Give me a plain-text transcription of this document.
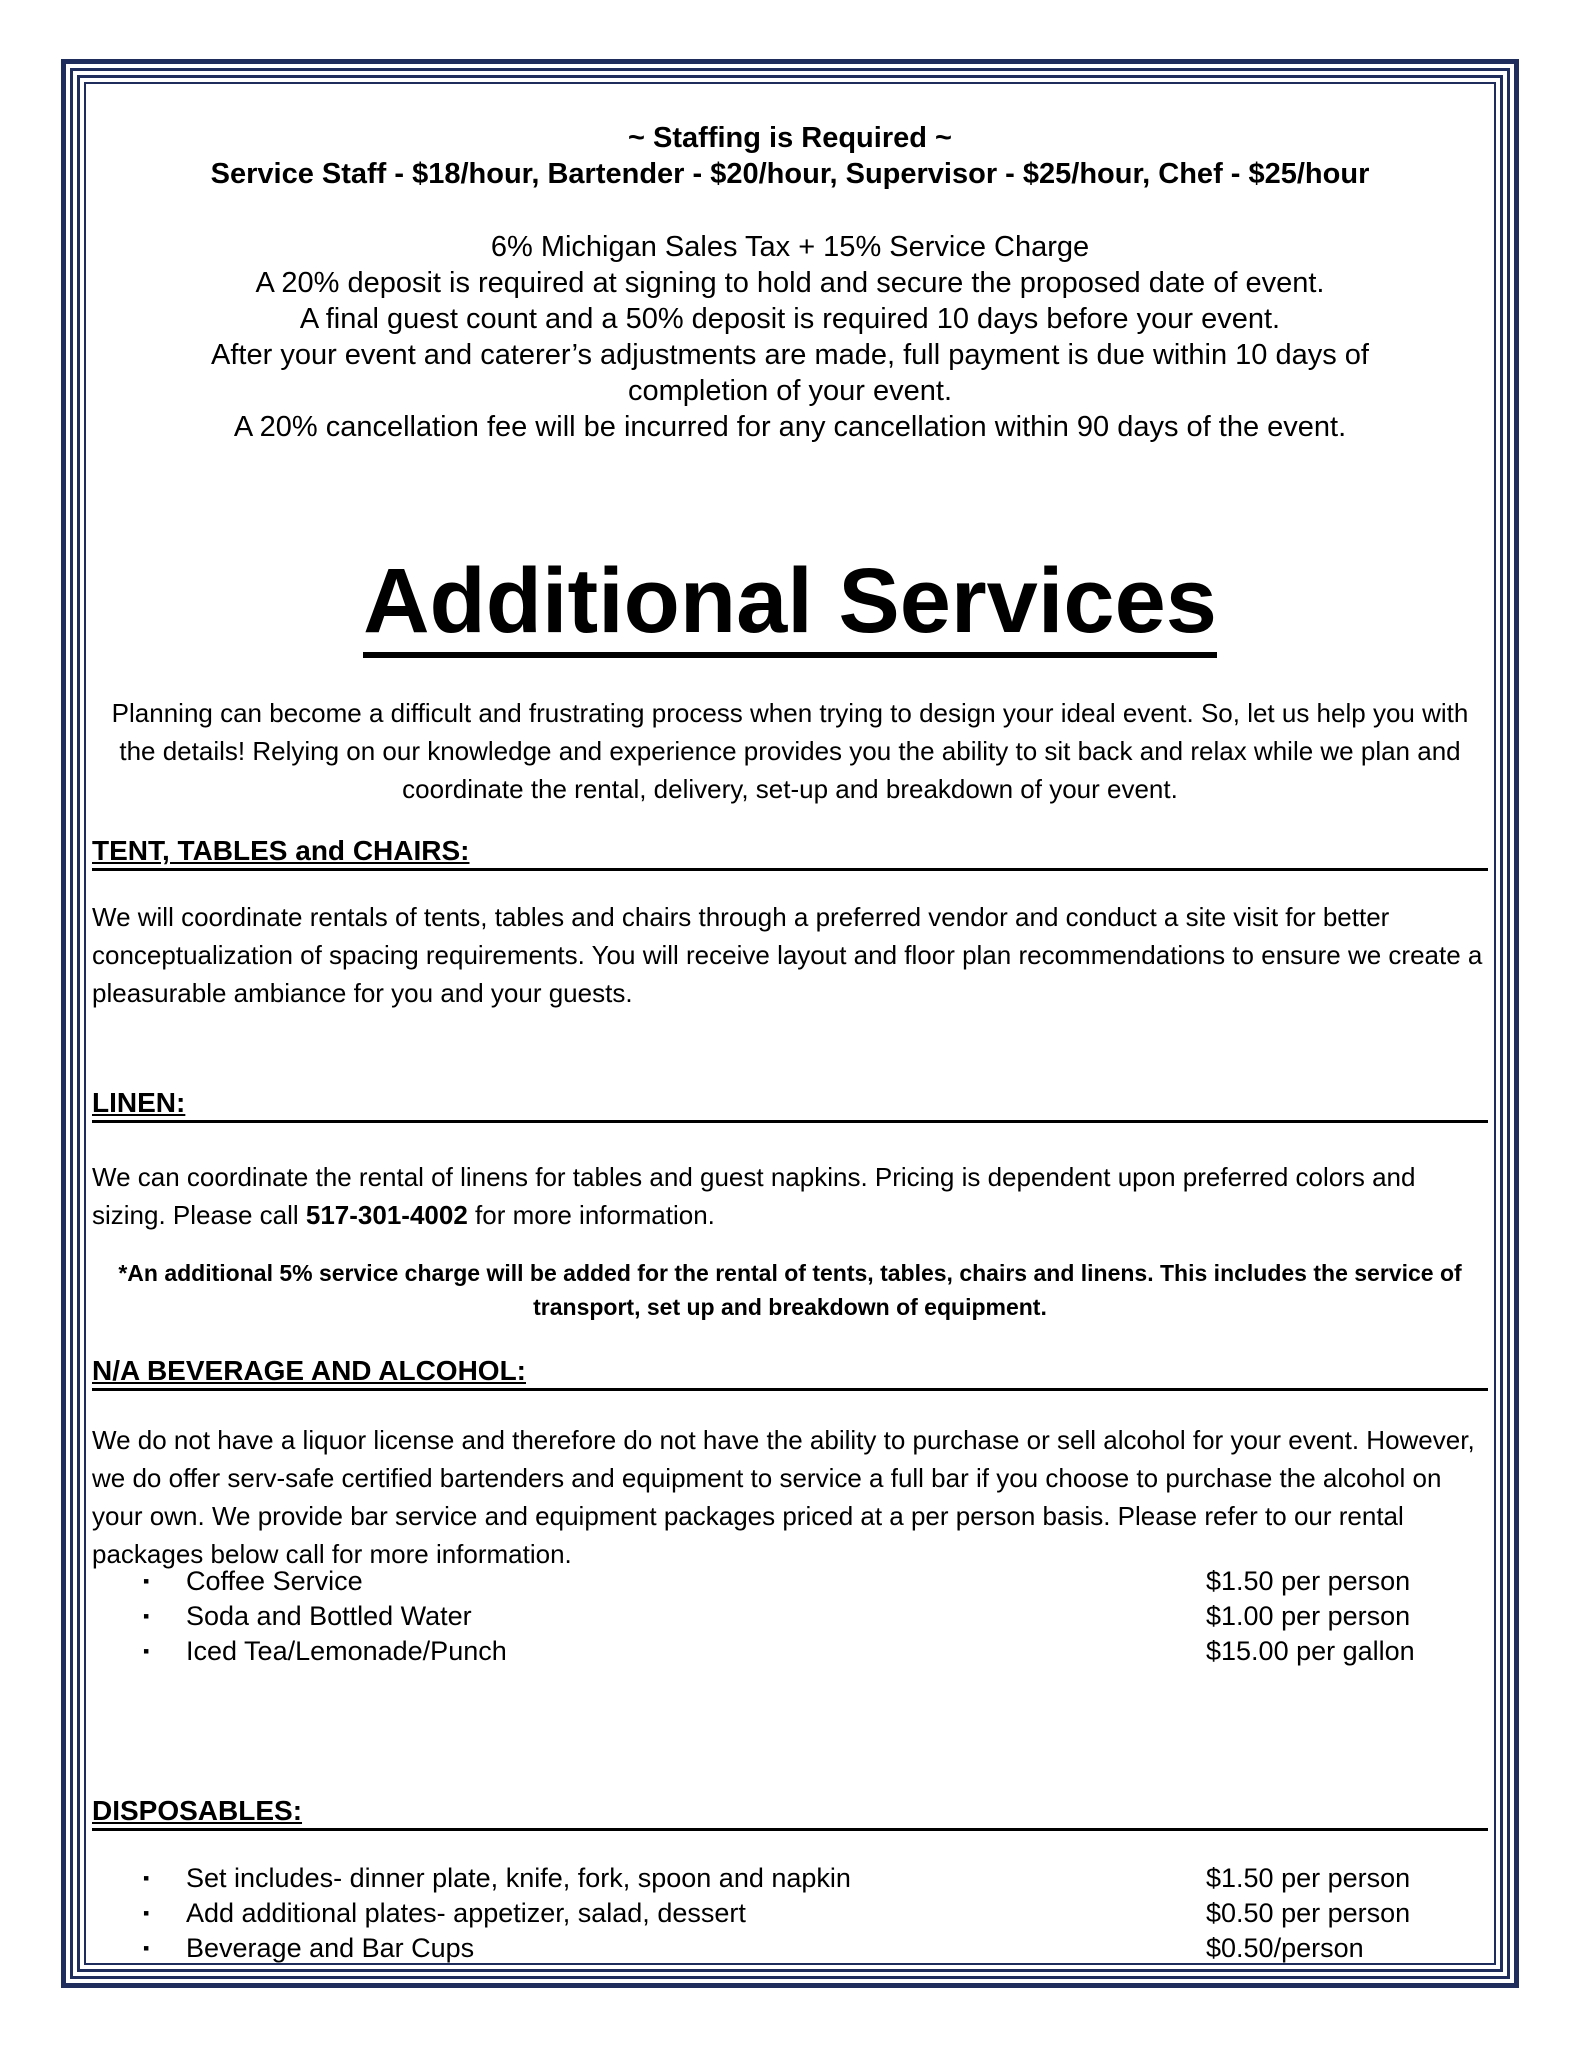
~ Staffing is Required ~
Service Staff - $18/hour, Bartender - $20/hour, Supervisor - $25/hour, Chef - $25/hour
6% Michigan Sales Tax + 15% Service Charge
A 20% deposit is required at signing to hold and secure the proposed date of event.
A final guest count and a 50% deposit is required 10 days before your event.
After your event and caterer’s adjustments are made, full payment is due within 10 days of
completion of your event.
A 20% cancellation fee will be incurred for any cancellation within 90 days of the event.
Additional Services
Planning can become a difficult and frustrating process when trying to design your ideal event. So, let us help you with the details! Relying on our knowledge and experience provides you the ability to sit back and relax while we plan and coordinate the rental, delivery, set-up and breakdown of your event.
TENT, TABLES and CHAIRS:
We will coordinate rentals of tents, tables and chairs through a preferred vendor and conduct a site visit for better conceptualization of spacing requirements. You will receive layout and floor plan recommendations to ensure we create a pleasurable ambiance for you and your guests.
LINEN:
We can coordinate the rental of linens for tables and guest napkins. Pricing is dependent upon preferred colors and sizing. Please call 517-301-4002 for more information.
*An additional 5% service charge will be added for the rental of tents, tables, chairs and linens. This includes the service of transport, set up and breakdown of equipment.
N/A BEVERAGE AND ALCOHOL:
We do not have a liquor license and therefore do not have the ability to purchase or sell alcohol for your event. However, we do offer serv-safe certified bartenders and equipment to service a full bar if you choose to purchase the alcohol on your own. We provide bar service and equipment packages priced at a per person basis. Please refer to our rental packages below call for more information.
▪ Coffee Service	$1.50 per person
▪ Soda and Bottled Water	$1.00 per person
▪ Iced Tea/Lemonade/Punch	$15.00 per gallon
DISPOSABLES:
▪ Set includes- dinner plate, knife, fork, spoon and napkin	$1.50 per person
▪ Add additional plates- appetizer, salad, dessert	$0.50 per person
▪ Beverage and Bar Cups	$0.50/person
